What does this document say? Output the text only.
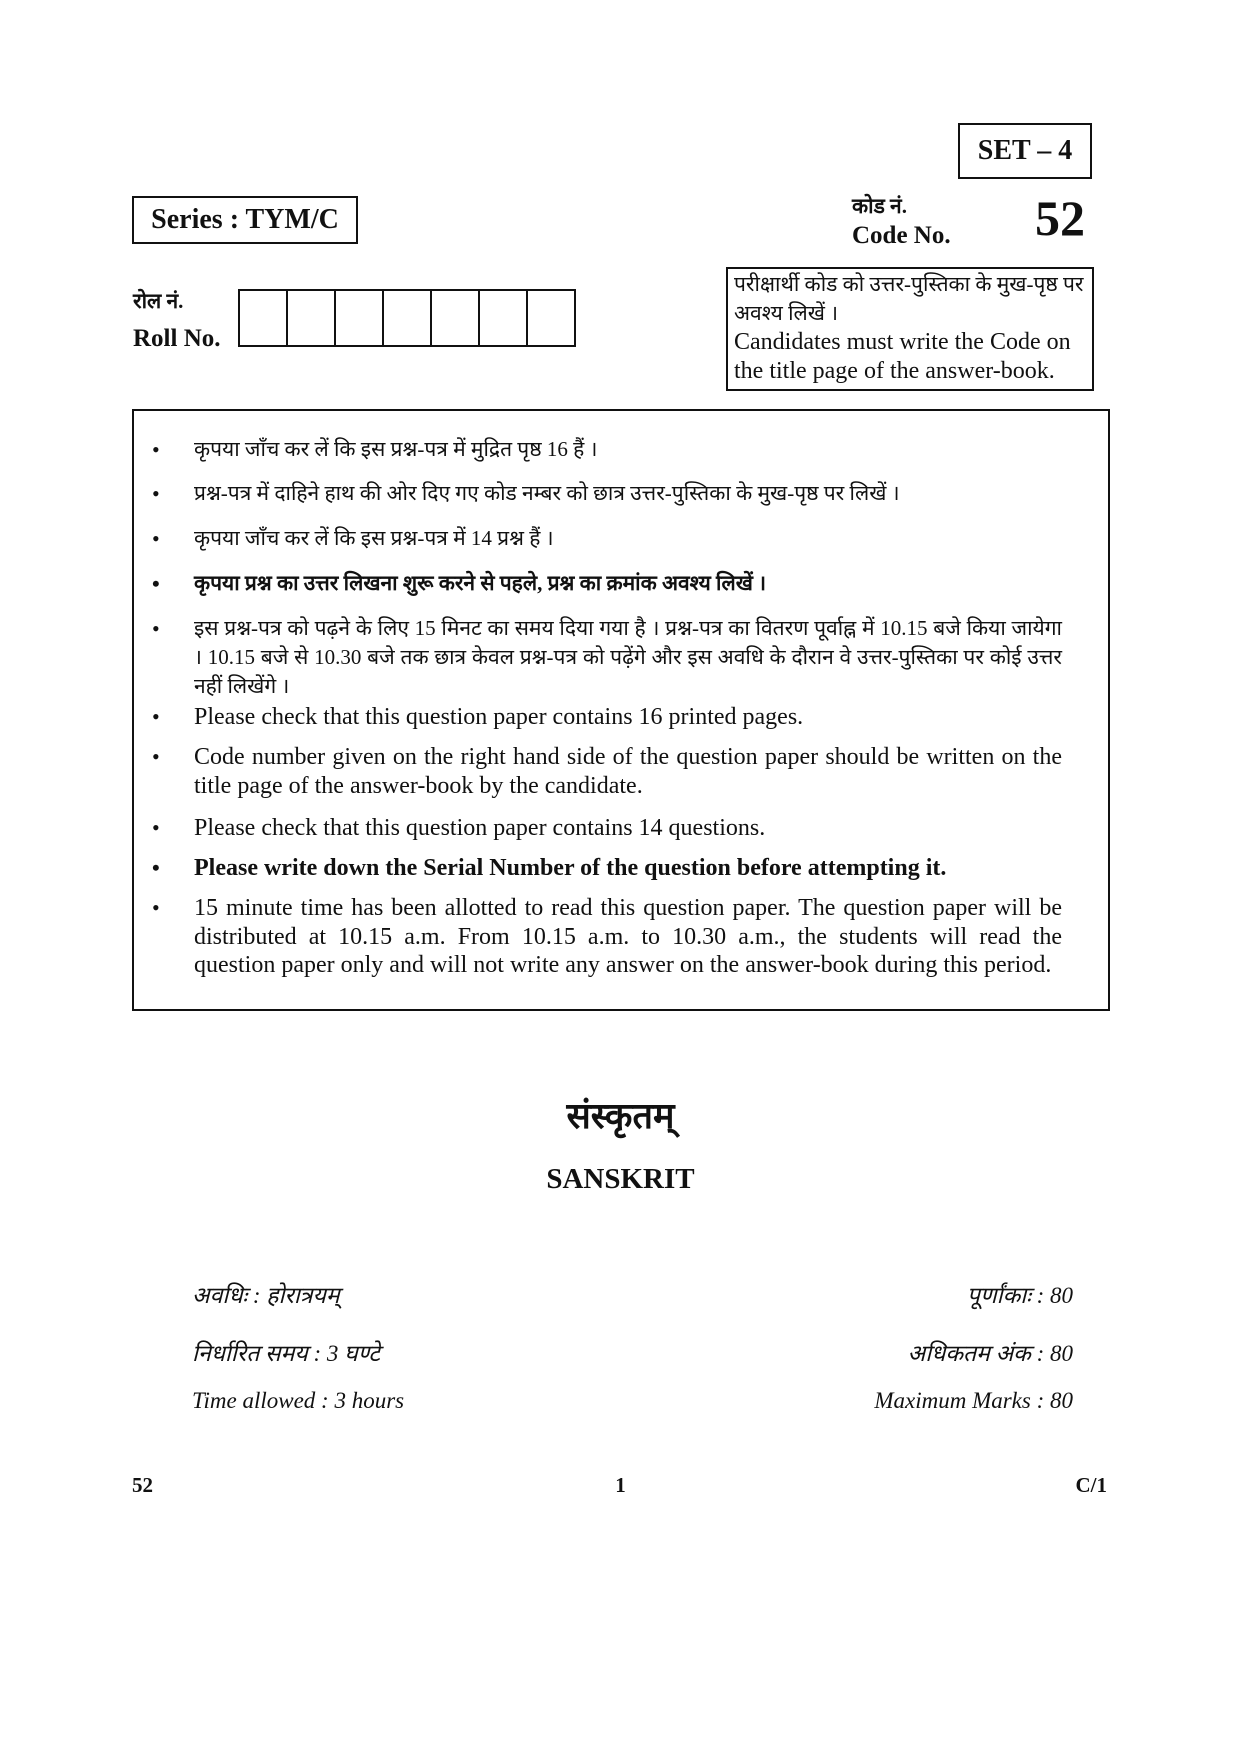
SET – 4
Series : TYM/C	कोड नं.
Code No. 52
रोल नं.
Roll No.
परीक्षार्थी कोड को उत्तर-पुस्तिका के मुख-पृष्ठ पर अवश्य लिखें ।
Candidates must write the Code on the title page of the answer-book.
• कृपया जाँच कर लें कि इस प्रश्न-पत्र में मुद्रित पृष्ठ 16 हैं ।
• प्रश्न-पत्र में दाहिने हाथ की ओर दिए गए कोड नम्बर को छात्र उत्तर-पुस्तिका के मुख-पृष्ठ पर लिखें ।
• कृपया जाँच कर लें कि इस प्रश्न-पत्र में 14 प्रश्न हैं ।
• कृपया प्रश्न का उत्तर लिखना शुरू करने से पहले, प्रश्न का क्रमांक अवश्य लिखें ।
• इस प्रश्न-पत्र को पढ़ने के लिए 15 मिनट का समय दिया गया है । प्रश्न-पत्र का वितरण पूर्वाह्न में 10.15 बजे किया जायेगा । 10.15 बजे से 10.30 बजे तक छात्र केवल प्रश्न-पत्र को पढ़ेंगे और इस अवधि के दौरान वे उत्तर-पुस्तिका पर कोई उत्तर नहीं लिखेंगे ।
• Please check that this question paper contains 16 printed pages.
• Code number given on the right hand side of the question paper should be written on the title page of the answer-book by the candidate.
• Please check that this question paper contains 14 questions.
• Please write down the Serial Number of the question before attempting it.
• 15 minute time has been allotted to read this question paper. The question paper will be distributed at 10.15 a.m. From 10.15 a.m. to 10.30 a.m., the students will read the question paper only and will not write any answer on the answer-book during this period.
संस्कृतम्
SANSKRIT
अवधिः : होरात्रयम्	पूर्णांकाः : 80
निर्धारित समय : 3 घण्टे	अधिकतम अंक : 80
Time allowed : 3 hours	Maximum Marks : 80
52	1	C/1
